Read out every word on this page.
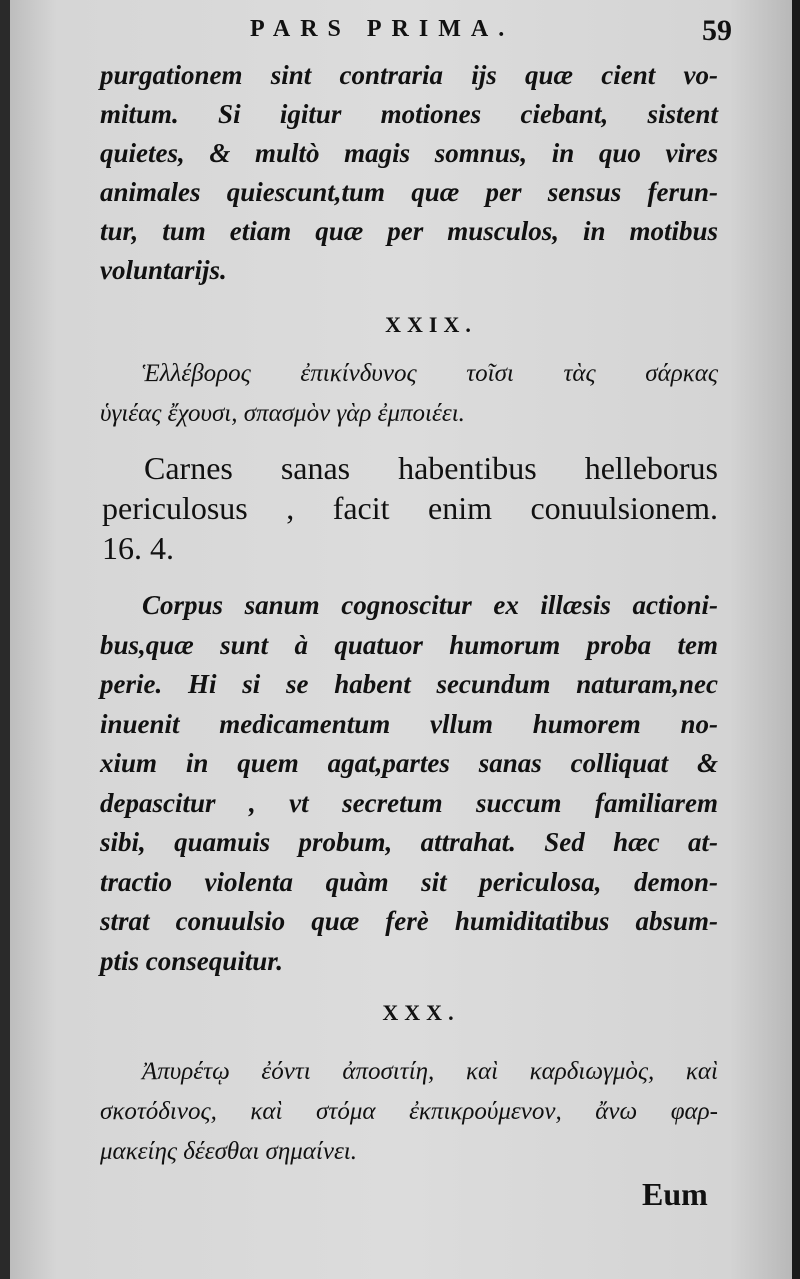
PARS PRIMA.	59
purgationem sint contraria ijs quæ cient vo-
mitum. Si igitur motiones ciebant, sistent
quietes, & multò magis somnus, in quo vires
animales quiescunt,tum quæ per sensus ferun-
tur, tum etiam quæ per musculos, in motibus
voluntarijs.
XXIX.
Ἑλλέβορος ἐπικίνδυνος τοῖσι τὰς σάρκας
ὑγιέας ἔχουσι, σπασμὸν γὰρ ἐμποιέει.
Carnes sanas habentibus helleborus
periculosus , facit enim conuulsionem.
16. 4.
Corpus sanum cognoscitur ex illæsis actioni-
bus,quæ sunt à quatuor humorum proba tem
perie. Hi si se habent secundum naturam,nec
inuenit medicamentum vllum humorem no-
xium in quem agat,partes sanas colliquat &
depascitur , vt secretum succum familiarem
sibi, quamuis probum, attrahat. Sed hæc at-
tractio violenta quàm sit periculosa, demon-
strat conuulsio quæ ferè humiditatibus absum-
ptis consequitur.
XXX.
Ἀπυρέτῳ ἐόντι ἀποσιτίη, καὶ καρδιωγμὸς, καὶ
σκοτόδινος, καὶ στόμα ἐκπικρούμενον, ἄνω φαρ-
μακείης δέεσθαι σημαίνει.
Eum
